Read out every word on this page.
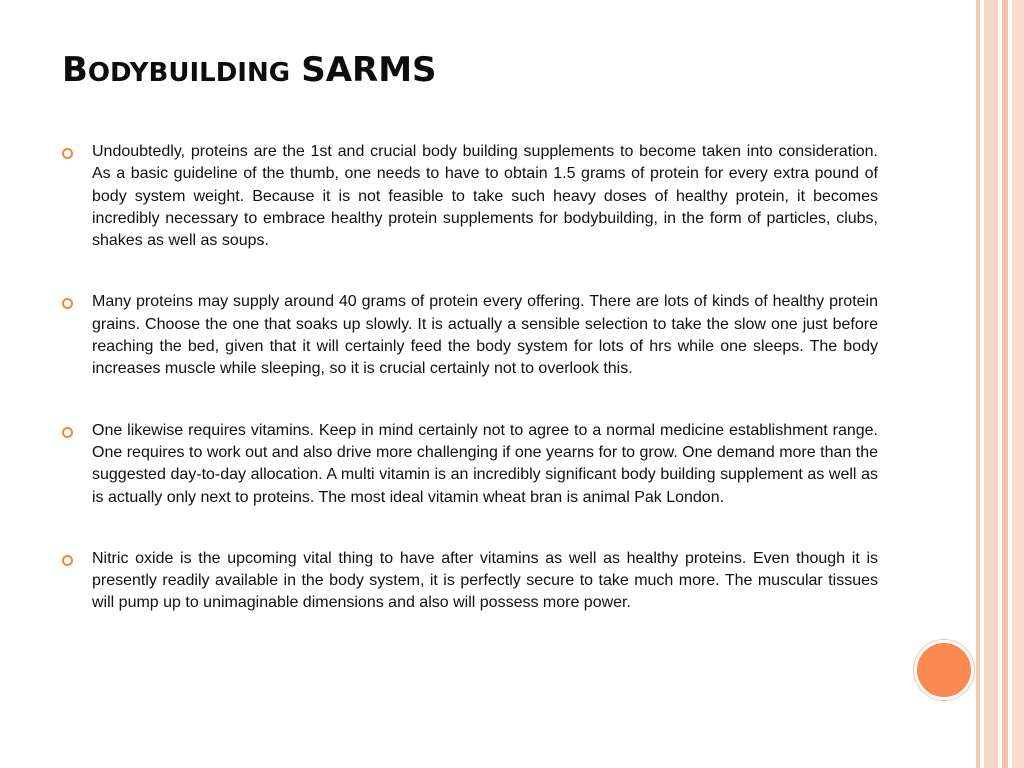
BODYBUILDING SARMS
Undoubtedly, proteins are the 1st and crucial body building supplements to become taken into consideration. As a basic guideline of the thumb, one needs to have to obtain 1.5 grams of protein for every extra pound of body system weight. Because it is not feasible to take such heavy doses of healthy protein, it becomes incredibly necessary to embrace healthy protein supplements for bodybuilding, in the form of particles, clubs, shakes as well as soups.
Many proteins may supply around 40 grams of protein every offering. There are lots of kinds of healthy protein grains. Choose the one that soaks up slowly. It is actually a sensible selection to take the slow one just before reaching the bed, given that it will certainly feed the body system for lots of hrs while one sleeps. The body increases muscle while sleeping, so it is crucial certainly not to overlook this.
One likewise requires vitamins. Keep in mind certainly not to agree to a normal medicine establishment range. One requires to work out and also drive more challenging if one yearns for to grow. One demand more than the suggested day-to-day allocation. A multi vitamin is an incredibly significant body building supplement as well as is actually only next to proteins. The most ideal vitamin wheat bran is animal Pak London.
Nitric oxide is the upcoming vital thing to have after vitamins as well as healthy proteins. Even though it is presently readily available in the body system, it is perfectly secure to take much more. The muscular tissues will pump up to unimaginable dimensions and also will possess more power.
